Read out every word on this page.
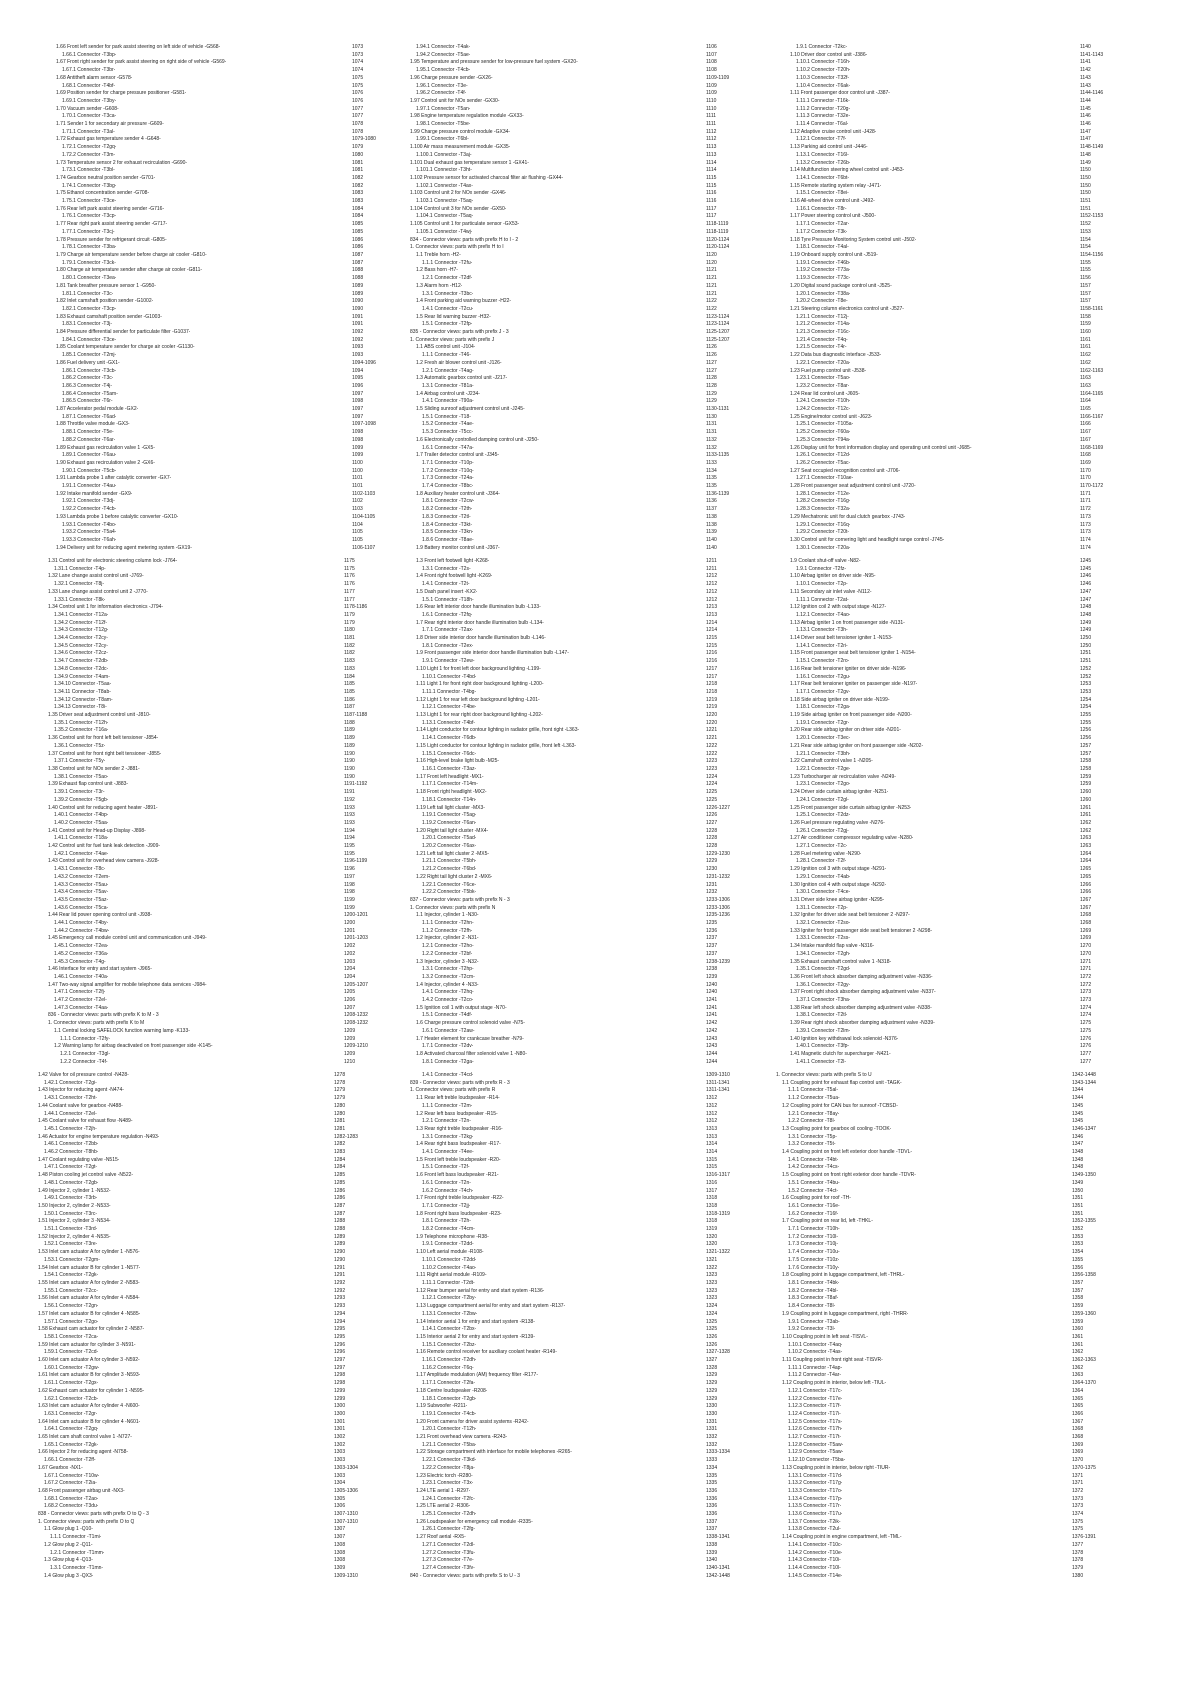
1.66 Front left sender for park assist steering on left side of vehicle -G568-	1073
1.66.1 Connector -T3bp-	1073
1.67 Front right sender for park assist steering on right side of vehicle -G569-	1074
1.67.1 Connector -T3br-	1074
1.68 Antitheft alarm sensor -G578-	1075
1.68.1 Connector -T4bf-	1075
1.69 Position sender for charge pressure positioner -G581-	1076
1.69.1 Connector -T3by-	1076
1.70 Vacuum sender -G608-	1077
1.70.1 Connector -T3ca-	1077
1.71 Sender 1 for secondary air pressure -G609-	1078
1.71.1 Connector -T3al-	1078
1.72 Exhaust gas temperature sender 4 -G648-	1079-1080
1.72.1 Connector -T2gq-	1079
1.72.2 Connector -T3m-	1080
1.73 Temperature sensor 2 for exhaust recirculation -G690-	1081
1.73.1 Connector -T3bl-	1081
1.74 Gearbox neutral position sender -G701-	1082
1.74.1 Connector -T3bg-	1082
1.75 Ethanol concentration sender -G708-	1083
1.75.1 Connector -T3ce-	1083
1.76 Rear left park assist steering sender -G716-	1084
1.76.1 Connector -T3cp-	1084
1.77 Rear right park assist steering sender -G717-	1085
1.77.1 Connector -T3cj-	1085
1.78 Pressure sender for refrigerant circuit -G805-	1086
1.78.1 Connector -T3ba-	1086
1.79 Charge air temperature sender before charge air cooler -G810-	1087
1.79.1 Connector -T3ck-	1087
1.80 Charge air temperature sender after charge air cooler -G811-	1088
1.80.1 Connector -T3ea-	1088
1.81 Tank breather pressure sensor 1 -G950-	1089
1.81.1 Connector -T3c-	1089
1.82 Inlet camshaft position sender -G1002-	1090
1.82.1 Connector -T3cp-	1090
1.83 Exhaust camshaft position sender -G1003-	1091
1.83.1 Connector -T3j-	1091
1.84 Pressure differential sender for particulate filter -G1037-	1092
1.84.1 Connector -T3ce-	1092
1.85 Coolant temperature sender for charge air cooler -G1130-	1093
1.85.1 Connector -T2mj-	1093
1.86 Fuel delivery unit -GX1-	1094-1096
1.86.1 Connector -T3cb-	1094
1.86.2 Connector -T3c-	1095
1.86.3 Connector -T4j-	1096
1.86.4 Connector -T5am-	1097
1.86.5 Connector -T6r-	1098
1.87 Accelerator pedal module -GX2-	1097
1.87.1 Connector -T6ad-	1097
1.88 Throttle valve module -GX3-	1097-1098
1.88.1 Connector -T5e-	1098
1.88.2 Connector -T6ar-	1098
1.89 Exhaust gas recirculation valve 1 -GX5-	1099
1.89.1 Connector -T6au-	1099
1.90 Exhaust gas recirculation valve 2 -GX6-	1100
1.90.1 Connector -T5cb-	1100
1.91 Lambda probe 1 after catalytic converter -GX7-	1101
1.91.1 Connector -T4au-	1101
1.92 Intake manifold sender -GX9-	1102-1103
1.92.1 Connector -T3dj-	1102
1.92.2 Connector -T4cb-	1103
1.93 Lambda probe 1 before catalytic converter -GX10-	1104-1105
1.93.1 Connector -T4bo-	1104
1.93.2 Connector -T5a4-	1105
1.93.3 Connector -T6ah-	1105
1.94 Delivery unit for reducing agent metering system -GX19-	1106-1107
1.94.1 Connector -T4ak-	1106
1.94.2 Connector -T5ae-	1107
1.95 Temperature and pressure sender for low-pressure fuel system -GX20-	1108
1.95.1 Connector -T4cb-	1108
1.96 Charge pressure sender -GX26-	1109-1109
1.96.1 Connector -T3e-	1109
1.96.2 Connector -T4f-	1109
1.97 Control unit for NOx sender -GX30-	1110
1.97.1 Connector -T5an-	1110
1.98 Engine temperature regulation module -GX33-	1111
1.98.1 Connector -T5be-	1111
1.99 Charge pressure control module -GX34-	1112
1.99.1 Connector -T6bl-	1112
1.100 Air mass measurement module -GX35-	1113
1.100.1 Connector -T3aj-	1113
1.101 Dual exhaust gas temperature sensor 1 -GX41-	1114
1.101.1 Connector -T3ht-	1114
1.102 Pressure sensor for activated charcoal filter air flushing -GX44-	1115
1.102.1 Connector -T4ax-	1115
1.103 Control unit 2 for NOx sender -GX46-	1116
1.103.1 Connector -T5aq-	1116
1.104 Control unit 3 for NOx sender -GX50-	1117
1.104.1 Connector -T5aq-	1117
1.105 Control unit 1 for particulate sensor -GX53-	1118-1119
1.105.1 Connector -T4wj-	1118-1119
834 - Connector views: parts with prefix H to I - 2	1120-1124
1. Connector views: parts with prefix H to I	1120-1124
1.1 Treble horn -H2-	1120
1.1.1 Connector -T2fu-	1120
1.2 Bass horn -H7-	1121
1.2.1 Connector -T2df-	1121
1.3 Alarm horn -H12-	1121
1.3.1 Connector -T3bc-	1121
1.4 Front parking aid warning buzzer -H22-	1122
1.4.1 Connector -T2cu-	1122
1.5 Rear lid warning buzzer -H32-	1123-1124
1.5.1 Connector -T2fp-	1123-1124
835 - Connector views: parts with prefix J - 3	1125-1207
1. Connector views: parts with prefix J	1125-1207
1.1 ABS control unit -J104-	1126
1.1.1 Connector -T46-	1126
1.2 Fresh air blower control unit -J126-	1127
1.2.1 Connector -T4ag-	1127
1.3 Automatic gearbox control unit -J217-	1128
1.3.1 Connector -T81a-	1128
1.4 Airbag control unit -J234-	1129
1.4.1 Connector -T90a-	1129
1.5 Sliding sunroof adjustment control unit -J245-	1130-1131
1.5.1 Connector -T18-	1130
1.5.2 Connector -T4ae-	1131
1.5.3 Connector -T5cc-	1131
1.6 Electronically controlled damping control unit -J250-	1132
1.6.1 Connector -T47a-	1132
1.7 Trailer detector control unit -J345-	1133-1135
1.7.1 Connector -T10p-	1133
1.7.2 Connector -T10q-	1134
1.7.3 Connector -T24a-	1135
1.7.4 Connector -T8bc-	1135
1.8 Auxiliary heater control unit -J364-	1136-1139
1.8.1 Connector -T2cw-	1136
1.8.2 Connector -T2th-	1137
1.8.3 Connector -T2tl-	1138
1.8.4 Connector -T3kt-	1138
1.8.5 Connector -T3kn-	1139
1.8.6 Connector -T8ae-	1140
1.9 Battery monitor control unit -J367-	1140
1.9.1 Connector -T2kc-	1140
1.10 Driver door control unit -J386-	1141-1143
1.10.1 Connector -T16h-	1141
1.10.2 Connector -T20h-	1142
1.10.3 Connector -T32f-	1143
1.10.4 Connector -T6ak-	1143
1.11 Front passenger door control unit -J387-	1144-1146
1.11.1 Connector -T16k-	1144
1.11.2 Connector -T20g-	1145
1.11.3 Connector -T32e-	1146
1.11.4 Connector -T6al-	1146
1.12 Adaptive cruise control unit -J428-	1147
1.12.1 Connector -T7f-	1147
1.13 Parking aid control unit -J446-	1148-1149
1.13.1 Connector -T16l-	1148
1.13.2 Connector -T26b-	1149
1.14 Multifunction steering wheel control unit -J453-	1150
1.14.1 Connector -T6bt-	1150
1.15 Remote starting system relay -J471-	1150
1.15.1 Connector -T8ei-	1150
1.16 All-wheel drive control unit -J492-	1151
1.16.1 Connector -T8r-	1151
1.17 Power steering control unit -J500-	1152-1153
1.17.1 Connector -T2ar-	1152
1.17.2 Connector -T3k-	1153
1.18 Tyre Pressure Monitoring System control unit -J502-	1154
1.18.1 Connector -T4al-	1154
1.19 Onboard supply control unit -J519-	1154-1156
1.19.1 Connector -T46b-	1155
1.19.2 Connector -T73a-	1155
1.19.3 Connector -T73c-	1156
1.20 Digital sound package control unit -J525-	1157
1.20.1 Connector -T38a-	1157
1.20.2 Connector -T8e-	1157
1.21 Steering column electronics control unit -J527-	1158-1161
1.21.1 Connector -T12j-	1158
1.21.2 Connector -T14a-	1159
1.21.3 Connector -T16c-	1160
1.21.4 Connector -T4q-	1161
1.21.5 Connector -T4r-	1161
1.22 Data bus diagnostic interface -J533-	1162
1.22.1 Connector -T20a-	1162
1.23 Fuel pump control unit -J538-	1162-1163
1.23.1 Connector -T5ao-	1163
1.23.2 Connector -T8ar-	1163
1.24 Rear lid control unit -J605-	1164-1165
1.24.1 Connector -T10h-	1164
1.24.2 Connector -T12c-	1165
1.25 Engine/motor control unit -J623-	1166-1167
1.25.1 Connector -T105a-	1166
1.25.2 Connector -T60a-	1167
1.25.3 Connector -T94a-	1167
1.26 Display unit for front information display and operating unit control unit -J685-	1168-1169
1.26.1 Connector -T12d-	1168
1.26.2 Connector -T5ac-	1169
1.27 Seat occupied recognition control unit -J706-	1170
1.27.1 Connector -T10ae-	1170
1.28 Front passenger seat adjustment control unit -J720-	1170-1172
1.28.1 Connector -T12e-	1171
1.28.2 Connector -T16g-	1171
1.28.3 Connector -T32a-	1172
1.29 Mechatronic unit for dual clutch gearbox -J743-	1173
1.29.1 Connector -T16q-	1173
1.29.2 Connector -T20t-	1173
1.30 Control unit for cornering light and headlight range control -J745-	1174
1.30.1 Connector -T20a-	1174
1.31 Control unit for electronic steering column lock -J764-	1175
1.31.1 Connector -T4p-	1175
1.32 Lane change assist control unit -J769-	1176
1.32.1 Connector -T8j-	1176
1.33 Lane change assist control unit 2 -J770-	1177
1.33.1 Connector -T8k-	1177
1.34 Control unit 1 for information electronics -J794-	1178-1186
1.34.1 Connector -T12a-	1179
1.34.2 Connector -T12f-	1179
1.34.3 Connector -T12g-	1180
1.34.4 Connector -T2cy-	1181
1.34.5 Connector -T2cy-	1182
1.34.6 Connector -T2cz-	1182
1.34.7 Connector -T2db-	1183
1.34.8 Connector -T2dc-	1183
1.34.9 Connector -T4am-	1184
1.34.10 Connector -T5aa-	1185
1.34.11 Connector -T8ab-	1185
1.34.12 Connector -T8am-	1186
1.34.13 Connector -T8i-	1187
1.35 Driver seat adjustment control unit -J810-	1187-1188
1.35.1 Connector -T12h-	1188
1.35.2 Connector -T16a-	1189
1.36 Control unit for front left belt tensioner -J854-	1189
1.36.1 Connector -T5z-	1189
1.37 Control unit for front right belt tensioner -J855-	1190
1.37.1 Connector -T5y-	1190
1.38 Control unit for NOx sender 2 -J881-	1190
1.38.1 Connector -T5ao-	1190
1.39 Exhaust flap control unit -J883-	1191-1192
1.39.1 Connector -T3r-	1191
1.39.2 Connector -T5gb-	1192
1.40 Control unit for reducing agent heater -J891-	1193
1.40.1 Connector -T4bp-	1193
1.40.2 Connector -T5aa-	1193
1.41 Control unit for Head-up Display -J898-	1194
1.41.1 Connector -T18a-	1194
1.42 Control unit for fuel tank leak detection -J909-	1195
1.42.1 Connector -T4ae-	1195
1.43 Control unit for overhead view camera -J928-	1196-1199
1.43.1 Connector -T8c-	1196
1.43.2 Connector -T2em-	1197
1.43.3 Connector -T5au-	1198
1.43.4 Connector -T5av-	1198
1.43.5 Connector -T5az-	1199
1.43.6 Connector -T5ca-	1199
1.44 Rear lid power opening control unit -J938-	1200-1201
1.44.1 Connector -T4by-	1200
1.44.2 Connector -T4bw-	1201
1.45 Emergency call module control unit and communication unit -J949-	1201-1203
1.45.1 Connector -T2ea-	1202
1.45.2 Connector -T36a-	1202
1.45.3 Connector -T4g-	1203
1.46 Interface for entry and start system -J965-	1204
1.46.1 Connector -T40a-	1204
1.47 Two-way signal amplifier for mobile telephone data services -J984-	1205-1207
1.47.1 Connector -T2fj-	1205
1.47.2 Connector -T2el-	1206
1.47.3 Connector -T4aa-	1207
836 - Connector views: parts with prefix K to M - 3	1208-1232
1. Connector views: parts with prefix K to M	1208-1232
1.1 Central locking SAFELOCK function warning lamp -K133-	1209
1.1.1 Connector -T2fy-	1209
1.2 Warning lamp for airbag deactivated on front passenger side -K145-	1209-1210
1.2.1 Connector -T3gl-	1209
1.2.2 Connector -T4f-	1210
1.3 Front left footwell light -K268-	1211
1.3.1 Connector -T2s-	1211
1.4 Front right footwell light -K269-	1212
1.4.1 Connector -T2t-	1212
1.5 Dash panel insert -KX2-	1212
1.5.1 Connector -T18h-	1212
1.6 Rear left interior door handle illumination bulb -L133-	1213
1.6.1 Connector -T2fq-	1213
1.7 Rear right interior door handle illumination bulb -L134-	1214
1.7.1 Connector -T2ax-	1214
1.8 Driver side interior door handle illumination bulb -L146-	1215
1.8.1 Connector -T2ex-	1215
1.9 Front passenger side interior door handle illumination bulb -L147-	1216
1.9.1 Connector -T2ew-	1216
1.10 Light 1 for front left door background lighting -L199-	1217
1.10.1 Connector -T4bd-	1217
1.11 Light 1 for front right door background lighting -L200-	1218
1.11.1 Connector -T4bg-	1218
1.12 Light 1 for rear left door background lighting -L201-	1219
1.12.1 Connector -T4be-	1219
1.13 Light 1 for rear right door background lighting -L202-	1220
1.13.1 Connector -T4bf-	1220
1.14 Light conductor for contour lighting in radiator grille, front right -L363-	1221
1.14.1 Connector -T6db-	1221
1.15 Light conductor for contour lighting in radiator grille, front left -L363-	1222
1.15.1 Connector -T6dc-	1222
1.16 High-level brake light bulb -M25-	1223
1.16.1 Connector -T3az-	1223
1.17 Front left headlight -MX1-	1224
1.17.1 Connector -T14m-	1224
1.18 Front right headlight -MX2-	1225
1.18.1 Connector -T14n-	1225
1.19 Left tail light cluster -MX3-	1226-1227
1.19.1 Connector -T5ag-	1226
1.19.2 Connector -T6an-	1227
1.20 Right tail light cluster -MX4-	1228
1.20.1 Connector -T5ad-	1228
1.20.2 Connector -T6ax-	1228
1.21 Left tail light cluster 2 -MX5-	1229-1230
1.21.1 Connector -T5bh-	1229
1.21.2 Connector -T6bd-	1230
1.22 Right tail light cluster 2 -MX6-	1231-1232
1.22.1 Connector -T6ce-	1231
1.22.2 Connector -T5bk-	1232
837 - Connector views: parts with prefix N - 3	1233-1306
1. Connector views: parts with prefix N	1233-1306
1.1 Injector, cylinder 1 -N30-	1235-1236
1.1.1 Connector -T2hn-	1235
1.1.2 Connector -T2fh-	1236
1.2 Injector, cylinder 2 -N31-	1237
1.2.1 Connector -T2ho-	1237
1.2.2 Connector -T2bf-	1237
1.3 Injector, cylinder 3 -N32-	1238-1239
1.3.1 Connector -T2hp-	1238
1.3.2 Connector -T2cm-	1239
1.4 Injector, cylinder 4 -N33-	1240
1.4.1 Connector -T2hq-	1240
1.4.2 Connector -T2co-	1241
1.5 Ignition coil 1 with output stage -N70-	1241
1.5.1 Connector -T4df-	1241
1.6 Charge pressure control solenoid valve -N75-	1242
1.6.1 Connector -T2aw-	1242
1.7 Heater element for crankcase breather -N79-	1243
1.7.1 Connector -T2dv-	1243
1.8 Activated charcoal filter solenoid valve 1 -N80-	1244
1.8.1 Connector -T2ga-	1244
1.9 Coolant shut-off valve -N82-	1245
1.9.1 Connector -T2fz-	1245
1.10 Airbag igniter on driver side -N95-	1246
1.10.1 Connector -T2p-	1246
1.11 Secondary air inlet valve -N112-	1247
1.11.1 Connector -T2at-	1247
1.12 Ignition coil 2 with output stage -N127-	1248
1.12.1 Connector -T4ao-	1248
1.13 Airbag igniter 1 on front passenger side -N131-	1249
1.13.1 Connector -T3h-	1249
1.14 Driver seat belt tensioner igniter 1 -N153-	1250
1.14.1 Connector -T2ri-	1250
1.15 Front passenger seat belt tensioner igniter 1 -N154-	1251
1.15.1 Connector -T2ro-	1251
1.16 Rear belt tensioner igniter on driver side -N196-	1252
1.16.1 Connector -T2gu-	1252
1.17 Rear belt tensioner igniter on passenger side -N197-	1253
1.17.1 Connector -T2gv-	1253
1.18 Side airbag igniter on driver side -N199-	1254
1.18.1 Connector -T2ga-	1254
1.19 Side airbag igniter on front passenger side -N200-	1255
1.19.1 Connector -T2gr-	1255
1.20 Rear side airbag igniter on driver side -N201-	1256
1.20.1 Connector -T3ec-	1256
1.21 Rear side airbag igniter on front passenger side -N202-	1257
1.21.1 Connector -T3bh-	1257
1.22 Camshaft control valve 1 -N205-	1258
1.22.1 Connector -T2ge-	1258
1.23 Turbocharger air recirculation valve -N249-	1259
1.23.1 Connector -T2go-	1259
1.24 Driver side curtain airbag igniter -N251-	1260
1.24.1 Connector -T2gl-	1260
1.25 Front passenger side curtain airbag igniter -N253-	1261
1.25.1 Connector -T2dz-	1261
1.26 Fuel pressure regulating valve -N276-	1262
1.26.1 Connector -T2gj-	1262
1.27 Air conditioner compressor regulating valve -N280-	1263
1.27.1 Connector -T2c-	1263
1.28 Fuel metering valve -N290-	1264
1.28.1 Connector -T2f-	1264
1.29 Ignition coil 3 with output stage -N291-	1265
1.29.1 Connector -T4ab-	1265
1.30 Ignition coil 4 with output stage -N292-	1266
1.30.1 Connector -T4ce-	1266
1.31 Driver side knee airbag igniter -N295-	1267
1.31.1 Connector -T2p-	1267
1.32 Igniter for driver side seat belt tensioner 2 -N297-	1268
1.32.1 Connector -T2so-	1268
1.33 Igniter for front passenger side seat belt tensioner 2 -N298-	1269
1.33.1 Connector -T2ss-	1269
1.34 Intake manifold flap valve -N316-	1270
1.34.1 Connector -T2gh-	1270
1.35 Exhaust camshaft control valve 1 -N318-	1271
1.35.1 Connector -T2gd-	1271
1.36 Front left shock absorber damping adjustment valve -N336-	1272
1.36.1 Connector -T2gy-	1272
1.37 Front right shock absorber damping adjustment valve -N337-	1273
1.37.1 Connector -T3ha-	1273
1.38 Rear left shock absorber damping adjustment valve -N338-	1274
1.38.1 Connector -T2tl-	1274
1.39 Rear right shock absorber damping adjustment valve -N339-	1275
1.39.1 Connector -T2lm-	1275
1.40 Ignition key withdrawal lock solenoid -N376-	1276
1.40.1 Connector -T3fp-	1276
1.41 Magnetic clutch for supercharger -N421-	1277
1.41.1 Connector -T2l-	1277
1.42 Valve for oil pressure control -N428-	1278
1.42.1 Connector -T2gi-	1278
1.43 Injector for reducing agent -N474-	1279
1.43.1 Connector -T2ht-	1279
1.44 Coolant valve for gearbox -N488-	1280
1.44.1 Connector -T2el-	1280
1.45 Coolant valve for exhaust flow -N489-	1281
1.45.1 Connector -T2jh-	1281
1.46 Actuator for engine temperature regulation -N493-	1282-1283
1.46.1 Connector -T2bb-	1282
1.46.2 Connector -T8hb-	1283
1.47 Coolant regulating valve -N515-	1284
1.47.1 Connector -T2gt-	1284
1.48 Piston cooling jet control valve -N522-	1285
1.48.1 Connector -T2gb-	1285
1.49 Injector 2, cylinder 1 -N532-	1286
1.49.1 Connector -T3rb-	1286
1.50 Injector 2, cylinder 2 -N533-	1287
1.50.1 Connector -T3rc-	1287
1.51 Injector 2, cylinder 3 -N534-	1288
1.51.1 Connector -T3rd-	1288
1.52 Injector 2, cylinder 4 -N535-	1289
1.52.1 Connector -T3re-	1289
1.53 Inlet cam actuator A for cylinder 1 -N576-	1290
1.53.1 Connector -T2gm-	1290
1.54 Inlet cam actuator B for cylinder 1 -N577-	1291
1.54.1 Connector -T2gk-	1291
1.55 Inlet cam actuator A for cylinder 2 -N583-	1292
1.55.1 Connector -T2cc-	1292
1.56 Inlet cam actuator A for cylinder 4 -N584-	1293
1.56.1 Connector -T2gn-	1293
1.57 Inlet cam actuator B for cylinder 4 -N585-	1294
1.57.1 Connector -T2go-	1294
1.58 Exhaust cam actuator for cylinder 2 -N587-	1295
1.58.1 Connector -T2ca-	1295
1.59 Inlet cam actuator for cylinder 3 -N591-	1296
1.59.1 Connector -T2cd-	1296
1.60 Inlet cam actuator A for cylinder 3 -N592-	1297
1.60.1 Connector -T2gw-	1297
1.61 Inlet cam actuator B for cylinder 3 -N593-	1298
1.61.1 Connector -T2gx-	1298
1.62 Exhaust cam actuator for cylinder 1 -N595-	1299
1.62.1 Connector -T2cb-	1299
1.63 Inlet cam actuator A for cylinder 4 -N600-	1300
1.63.1 Connector -T2gr-	1300
1.64 Inlet cam actuator B for cylinder 4 -N601-	1301
1.64.1 Connector -T2gq-	1301
1.65 Inlet cam shaft control valve 1 -N727-	1302
1.65.1 Connector -T2gk-	1302
1.66 Injector 2 for reducing agent -N758-	1303
1.66.1 Connector -T2ff-	1303
1.67 Gearbox -NX1-	1303-1304
1.67.1 Connector -T10w-	1303
1.67.2 Connector -T2ia-	1304
1.68 Front passenger airbag unit -NX3-	1305-1306
1.68.1 Connector -T2ao-	1305
1.68.2 Connector -T3du-	1306
838 - Connector views: parts with prefix O to Q - 3	1307-1310
1. Connector views: parts with prefix O to Q	1307-1310
1.1 Glow plug 1 -Q10-	1307
1.1.1 Connector -T1mi-	1307
1.2 Glow plug 2 -Q11-	1308
1.2.1 Connector -T1mm-	1308
1.3 Glow plug 4 -Q13-	1308
1.3.1 Connector -T1mn-	1309
1.4 Glow plug 3 -QX3-	1309-1310
1.4.1 Connector -T4cd-	1309-1310
839 - Connector views: parts with prefix R - 3	1311-1341
1. Connector views: parts with prefix R	1311-1341
1.1 Rear left treble loudspeaker -R14-	1312
1.1.1 Connector -T2m-	1312
1.2 Rear left bass loudspeaker -R15-	1312
1.2.1 Connector -T2n-	1312
1.3 Rear right treble loudspeaker -R16-	1313
1.3.1 Connector -T2kg-	1313
1.4 Rear right bass loudspeaker -R17-	1314
1.4.1 Connector -T4ee-	1314
1.5 Front left treble loudspeaker -R20-	1315
1.5.1 Connector -T2f-	1315
1.6 Front left bass loudspeaker -R21-	1316-1317
1.6.1 Connector -T2n-	1316
1.6.2 Connector -T4ch-	1317
1.7 Front right treble loudspeaker -R22-	1318
1.7.1 Connector -T2jj-	1318
1.8 Front right bass loudspeaker -R23-	1318-1319
1.8.1 Connector -T2h-	1318
1.8.2 Connector -T4cm-	1319
1.9 Telephone microphone -R38-	1320
1.9.1 Connector -T2dd-	1320
1.10 Left aerial module -R108-	1321-1322
1.10.1 Connector -T2dd-	1321
1.10.2 Connector -T4ao-	1322
1.11 Right aerial module -R109-	1323
1.11.1 Connector -T2dt-	1323
1.12 Rear bumper aerial for entry and start system -R136-	1323
1.12.1 Connector -T2by-	1323
1.13 Luggage compartment aerial for entry and start system -R137-	1324
1.13.1 Connector -T2bw-	1324
1.14 Interior aerial 1 for entry and start system -R138-	1325
1.14.1 Connector -T2bx-	1325
1.15 Interior aerial 2 for entry and start system -R139-	1326
1.15.1 Connector -T2bz-	1326
1.16 Remote control receiver for auxiliary coolant heater -R149-	1327-1328
1.16.1 Connector -T2dh-	1327
1.16.2 Connector -T6q-	1328
1.17 Amplitude modulation (AM) frequency filter -R177-	1329
1.17.1 Connector -T2fa-	1329
1.18 Centre loudspeaker -R208-	1329
1.18.1 Connector -T2gb-	1329
1.19 Subwoofer -R211-	1330
1.19.1 Connector -T4cb-	1330
1.20 Front camera for driver assist systems -R242-	1331
1.20.1 Connector -T12h-	1331
1.21 Front overhead view camera -R243-	1332
1.21.1 Connector -T5ba-	1332
1.22 Storage compartment with interface for mobile telephones -R265-	1333-1334
1.22.1 Connector -T3kd-	1333
1.22.2 Connector -T8ja-	1334
1.23 Electric torch -R280-	1335
1.23.1 Connector -T3x-	1335
1.24 LTE aerial 1 -R297-	1336
1.24.1 Connector -T2fc-	1336
1.25 LTE aerial 2 -R306-	1336
1.25.1 Connector -T2dh-	1336
1.26 Loudspeaker for emergency call module -R335-	1337
1.26.1 Connector -T2fg-	1337
1.27 Roof aerial -RX5-	1338-1341
1.27.1 Connector -T2dl-	1338
1.27.2 Connector -T3fu-	1339
1.27.3 Connector -T7e-	1340
1.27.4 Connector -T3fv-	1340-1341
840 - Connector views: parts with prefix S to U - 3	1342-1448
1. Connector views: parts with prefix S to U	1342-1448
1.1 Coupling point for exhaust flap control unit -TAGK-	1343-1344
1.1.1 Connector -T5al-	1344
1.1.2 Connector -T5ua-	1344
1.2 Coupling point for CAN bus for sunroof -TCBSD-	1345
1.2.1 Connector -T8ay-	1345
1.2.2 Connector -T8l-	1345
1.3 Coupling point for gearbox oil cooling -TOOK-	1346-1347
1.3.1 Connector -T5p-	1346
1.3.2 Connector -T5t-	1347
1.4 Coupling point on front left exterior door handle -TDVL-	1348
1.4.1 Connector -T4bt-	1348
1.4.2 Connector -T4cs-	1348
1.5 Coupling point on front right exterior door handle -TDVR-	1349-1350
1.5.1 Connector -T4bu-	1349
1.5.2 Connector -T4ct-	1350
1.6 Coupling point for roof -TH-	1351
1.6.1 Connector -T16e-	1351
1.6.2 Connector -T16f-	1351
1.7 Coupling point on rear lid, left -THKL-	1352-1355
1.7.1 Connector -T10h-	1352
1.7.2 Connector -T10l-	1353
1.7.3 Connector -T10j-	1353
1.7.4 Connector -T10u-	1354
1.7.5 Connector -T10z-	1355
1.7.6 Connector -T10y-	1356
1.8 Coupling point in luggage compartment, left -THRL-	1356-1358
1.8.1 Connector -T4bk-	1357
1.8.2 Connector -T4bl-	1357
1.8.3 Connector -T8af-	1358
1.8.4 Connector -T8l-	1359
1.9 Coupling point in luggage compartment, right -THRR-	1359-1360
1.9.1 Connector -T3ab-	1359
1.9.2 Connector -T3l-	1360
1.10 Coupling point in left seat -TISVL-	1361
1.10.1 Connector -T4aq-	1361
1.10.2 Connector -T4as-	1362
1.11 Coupling point in front right seat -TISVR-	1362-1363
1.11.1 Connector -T4ap-	1362
1.11.2 Connector -T4ar-	1363
1.12 Coupling point in interior, below left -TIUL-	1364-1370
1.12.1 Connector -T17c-	1364
1.12.2 Connector -T17e-	1365
1.12.3 Connector -T17f-	1365
1.12.4 Connector -T17i-	1366
1.12.5 Connector -T17s-	1367
1.12.6 Connector -T17h-	1368
1.12.7 Connector -T17t-	1368
1.12.8 Connector -T5aw-	1369
1.12.9 Connector -T5aw-	1369
1.12.10 Connector -T5ba-	1370
1.13 Coupling point in interior, below right -TIUR-	1370-1375
1.13.1 Connector -T17d-	1371
1.13.2 Connector -T17g-	1371
1.13.3 Connector -T17o-	1372
1.13.4 Connector -T17p-	1373
1.13.5 Connector -T17r-	1373
1.13.6 Connector -T17u-	1374
1.13.7 Connector -T2ik-	1375
1.13.8 Connector -T2ul-	1375
1.14 Coupling point in engine compartment, left -TML-	1376-1391
1.14.1 Connector -T10c-	1377
1.14.2 Connector -T10e-	1378
1.14.3 Connector -T10i-	1378
1.14.4 Connector -T10l-	1379
1.14.5 Connector -T14e-	1380
